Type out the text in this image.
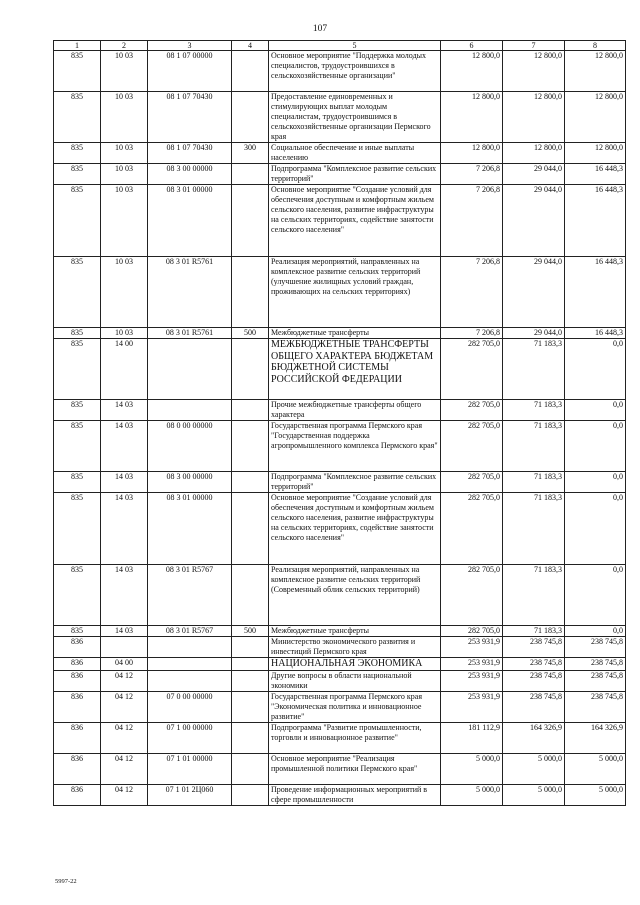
107
1	2	3	4	5	6	7	8
835	10 03	08 1 07 00000		Основное мероприятие "Поддержка молодых специалистов, трудоустроившихся в сельскохозяйственные организации"	12 800,0	12 800,0	12 800,0
835	10 03	08 1 07 70430		Предоставление единовременных и стимулирующих выплат молодым специалистам, трудоустроившимся в сельскохозяйственные организации Пермского края	12 800,0	12 800,0	12 800,0
835	10 03	08 1 07 70430	300	Социальное обеспечение и иные выплаты населению	12 800,0	12 800,0	12 800,0
835	10 03	08 3 00 00000		Подпрограмма "Комплексное развитие сельских территорий"	7 206,8	29 044,0	16 448,3
835	10 03	08 3 01 00000		Основное мероприятие "Создание условий для обеспечения доступным и комфортным жильем сельского населения, развитие инфраструктуры на сельских территориях, содействие занятости сельского населения"	7 206,8	29 044,0	16 448,3
835	10 03	08 3 01 R5761		Реализация мероприятий, направленных на комплексное развитие сельских территорий (улучшение жилищных условий граждан, проживающих на сельских территориях)	7 206,8	29 044,0	16 448,3
835	10 03	08 3 01 R5761	500	Межбюджетные трансферты	7 206,8	29 044,0	16 448,3
835	14 00			МЕЖБЮДЖЕТНЫЕ ТРАНСФЕРТЫ ОБЩЕГО ХАРАКТЕРА БЮДЖЕТАМ БЮДЖЕТНОЙ СИСТЕМЫ РОССИЙСКОЙ ФЕДЕРАЦИИ	282 705,0	71 183,3	0,0
835	14 03			Прочие межбюджетные трансферты общего характера	282 705,0	71 183,3	0,0
835	14 03	08 0 00 00000		Государственная программа Пермского края "Государственная поддержка агропромышленного комплекса Пермского края"	282 705,0	71 183,3	0,0
835	14 03	08 3 00 00000		Подпрограмма "Комплексное развитие сельских территорий"	282 705,0	71 183,3	0,0
835	14 03	08 3 01 00000		Основное мероприятие "Создание условий для обеспечения доступным и комфортным жильем сельского населения, развитие инфраструктуры на сельских территориях, содействие занятости сельского населения"	282 705,0	71 183,3	0,0
835	14 03	08 3 01 R5767		Реализация мероприятий, направленных на комплексное развитие сельских территорий (Современный облик сельских территорий)	282 705,0	71 183,3	0,0
835	14 03	08 3 01 R5767	500	Межбюджетные трансферты	282 705,0	71 183,3	0,0
836				Министерство экономического развития и инвестиций Пермского края	253 931,9	238 745,8	238 745,8
836	04 00			НАЦИОНАЛЬНАЯ ЭКОНОМИКА	253 931,9	238 745,8	238 745,8
836	04 12			Другие вопросы в области национальной экономики	253 931,9	238 745,8	238 745,8
836	04 12	07 0 00 00000		Государственная программа Пермского края "Экономическая политика и инновационное развитие"	253 931,9	238 745,8	238 745,8
836	04 12	07 1 00 00000		Подпрограмма "Развитие промышленности, торговли и инновационное развитие"	181 112,9	164 326,9	164 326,9
836	04 12	07 1 01 00000		Основное мероприятие "Реализация промышленной политики Пермского края"	5 000,0	5 000,0	5 000,0
836	04 12	07 1 01 2Ц060		Проведение информационных мероприятий в сфере промышленности	5 000,0	5 000,0	5 000,0
5997-22
